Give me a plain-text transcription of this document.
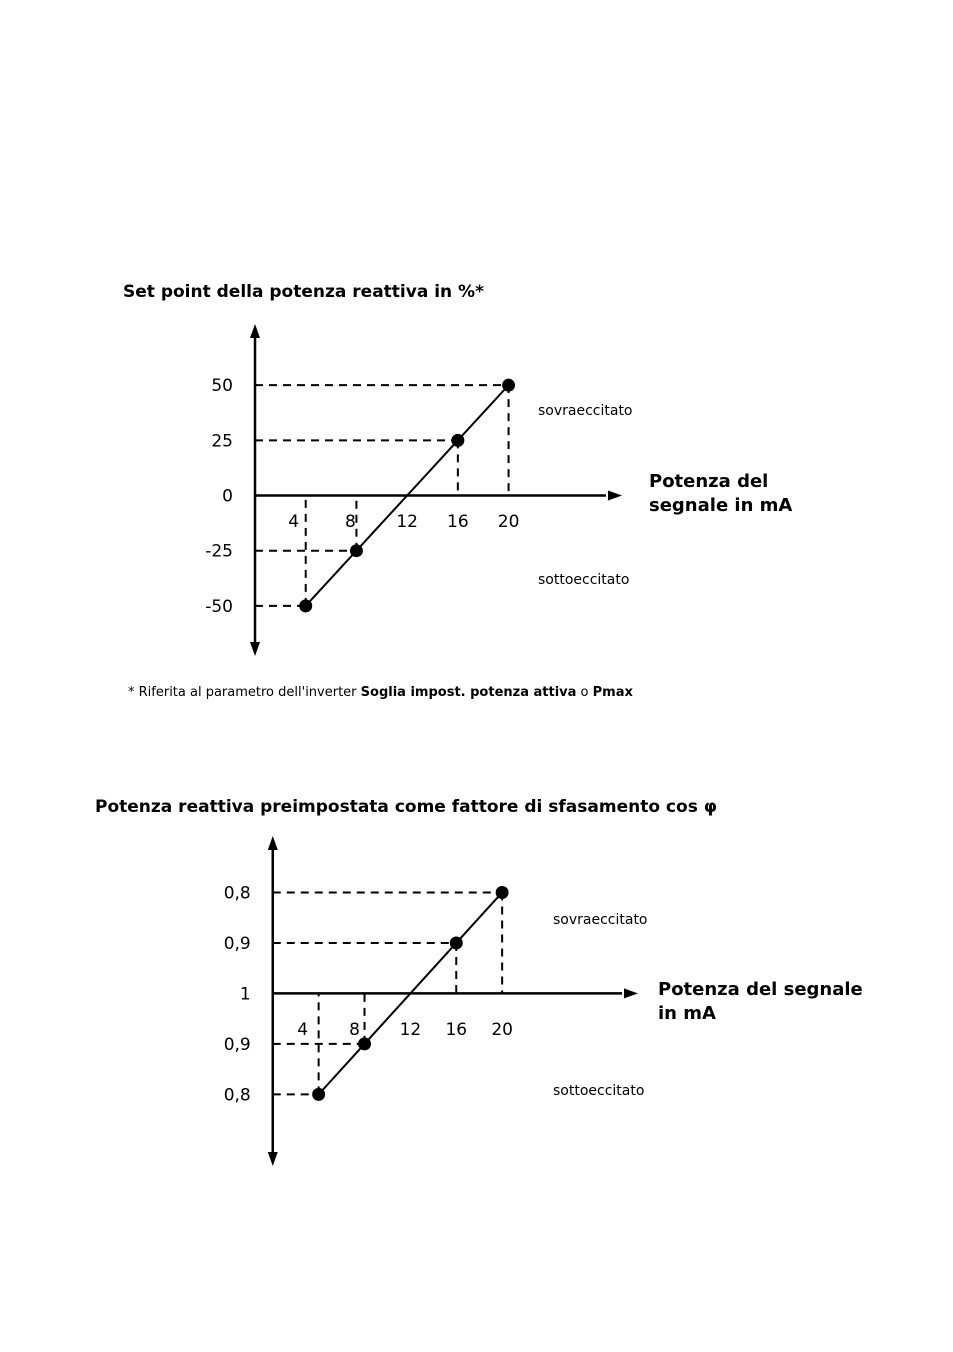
Set point della potenza reattiva in %*
* Riferita al parametro dell'inverter Soglia impost. potenza attiva o Pmax
Potenza reattiva preimpostata come fattore di sfasamento cos φ
50
25
0
-25
-50
4	8 12 16 20
sovraeccitato
sottoeccitato
Potenza del
segnale in mA
0,8
0,9
1
0,9
0,8
4 8 12 16 20
sovraeccitato
sottoeccitato
Potenza del segnale
in mA
